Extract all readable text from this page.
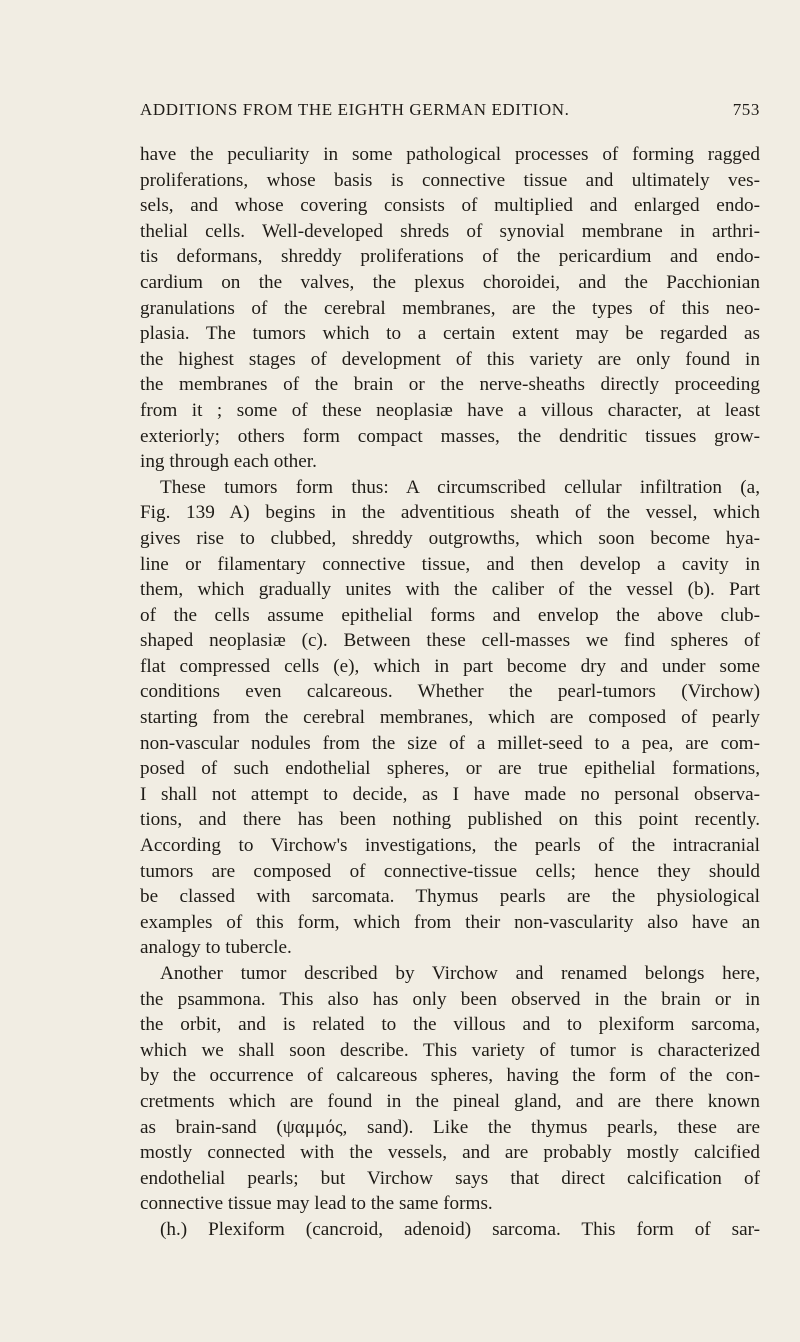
ADDITIONS FROM THE EIGHTH GERMAN EDITION.	753
have the peculiarity in some pathological processes of forming ragged
proliferations, whose basis is connective tissue and ultimately ves-
sels, and whose covering consists of multiplied and enlarged endo-
thelial cells. Well-developed shreds of synovial membrane in arthri-
tis deformans, shreddy proliferations of the pericardium and endo-
cardium on the valves, the plexus choroidei, and the Pacchionian
granulations of the cerebral membranes, are the types of this neo-
plasia. The tumors which to a certain extent may be regarded as
the highest stages of development of this variety are only found in
the membranes of the brain or the nerve-sheaths directly proceeding
from it ; some of these neoplasiæ have a villous character, at least
exteriorly; others form compact masses, the dendritic tissues grow-
ing through each other.
These tumors form thus: A circumscribed cellular infiltration (a,
Fig. 139 A) begins in the adventitious sheath of the vessel, which
gives rise to clubbed, shreddy outgrowths, which soon become hya-
line or filamentary connective tissue, and then develop a cavity in
them, which gradually unites with the caliber of the vessel (b). Part
of the cells assume epithelial forms and envelop the above club-
shaped neoplasiæ (c). Between these cell-masses we find spheres of
flat compressed cells (e), which in part become dry and under some
conditions even calcareous. Whether the pearl-tumors (Virchow)
starting from the cerebral membranes, which are composed of pearly
non-vascular nodules from the size of a millet-seed to a pea, are com-
posed of such endothelial spheres, or are true epithelial formations,
I shall not attempt to decide, as I have made no personal observa-
tions, and there has been nothing published on this point recently.
According to Virchow's investigations, the pearls of the intracranial
tumors are composed of connective-tissue cells; hence they should
be classed with sarcomata. Thymus pearls are the physiological
examples of this form, which from their non-vascularity also have an
analogy to tubercle.
Another tumor described by Virchow and renamed belongs here,
the psammona. This also has only been observed in the brain or in
the orbit, and is related to the villous and to plexiform sarcoma,
which we shall soon describe. This variety of tumor is characterized
by the occurrence of calcareous spheres, having the form of the con-
cretments which are found in the pineal gland, and are there known
as brain-sand (ψαμμός, sand). Like the thymus pearls, these are
mostly connected with the vessels, and are probably mostly calcified
endothelial pearls; but Virchow says that direct calcification of
connective tissue may lead to the same forms.
(h.) Plexiform (cancroid, adenoid) sarcoma. This form of sar-
